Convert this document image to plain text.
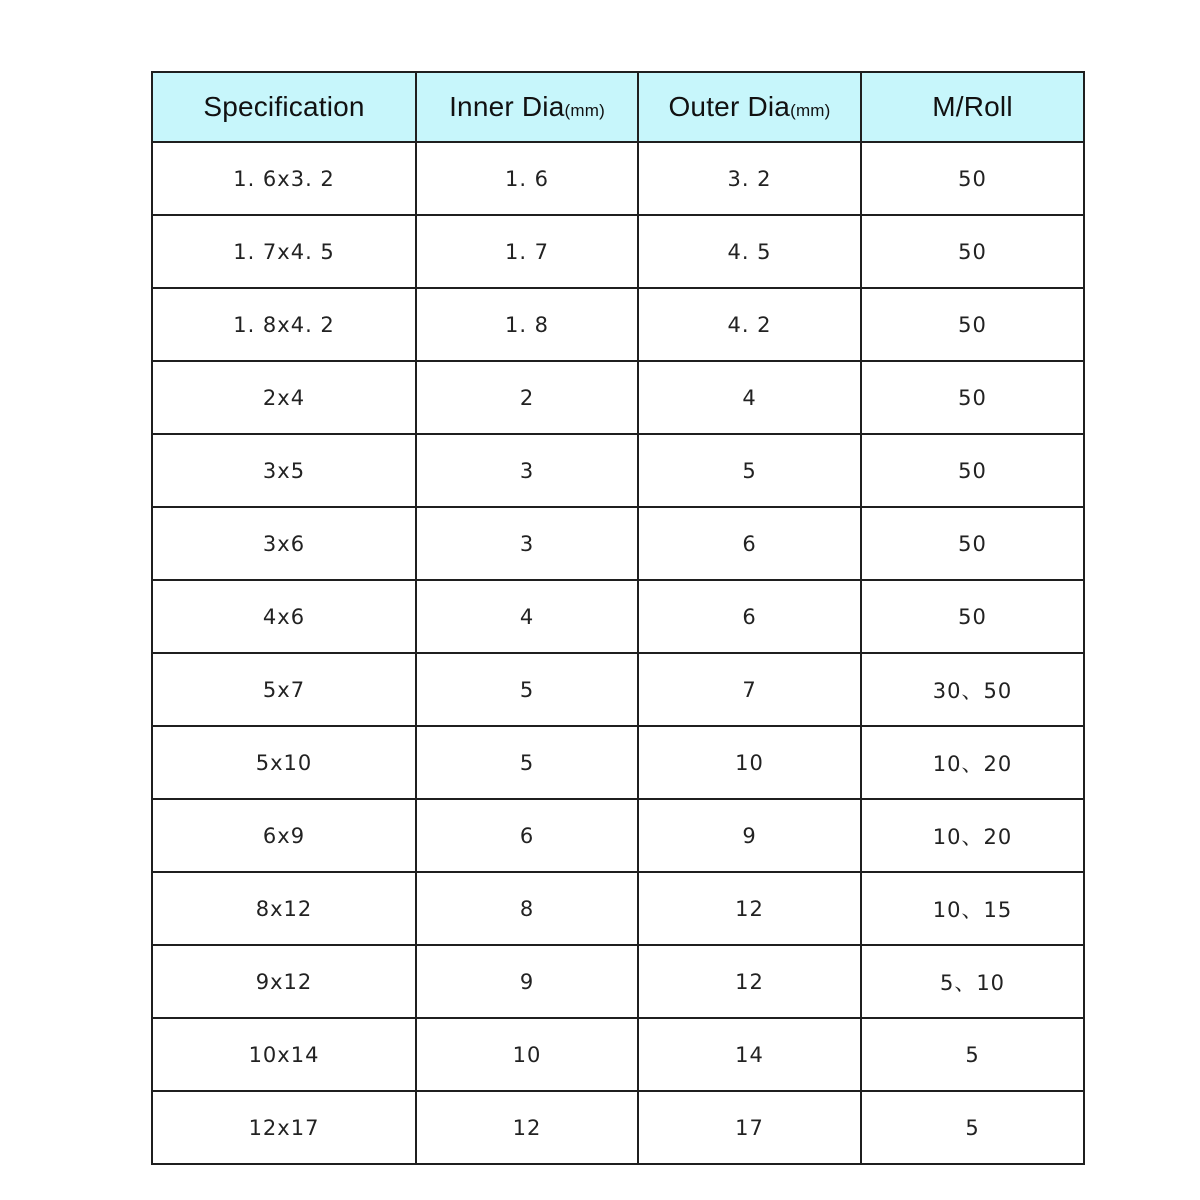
Specification	Inner Dia(mm)	Outer Dia(mm)	M/Roll
1. 6x3. 2	1. 6	3. 2	50
1. 7x4. 5	1. 7	4. 5	50
1. 8x4. 2	1. 8	4. 2	50
2x4	2	4	50
3x5	3	5	50
3x6	3	6	50
4x6	4	6	50
5x7	5	7	30、50
5x10	5	10	10、20
6x9	6	9	10、20
8x12	8	12	10、15
9x12	9	12	5、10
10x14	10	14	5
12x17	12	17	5
